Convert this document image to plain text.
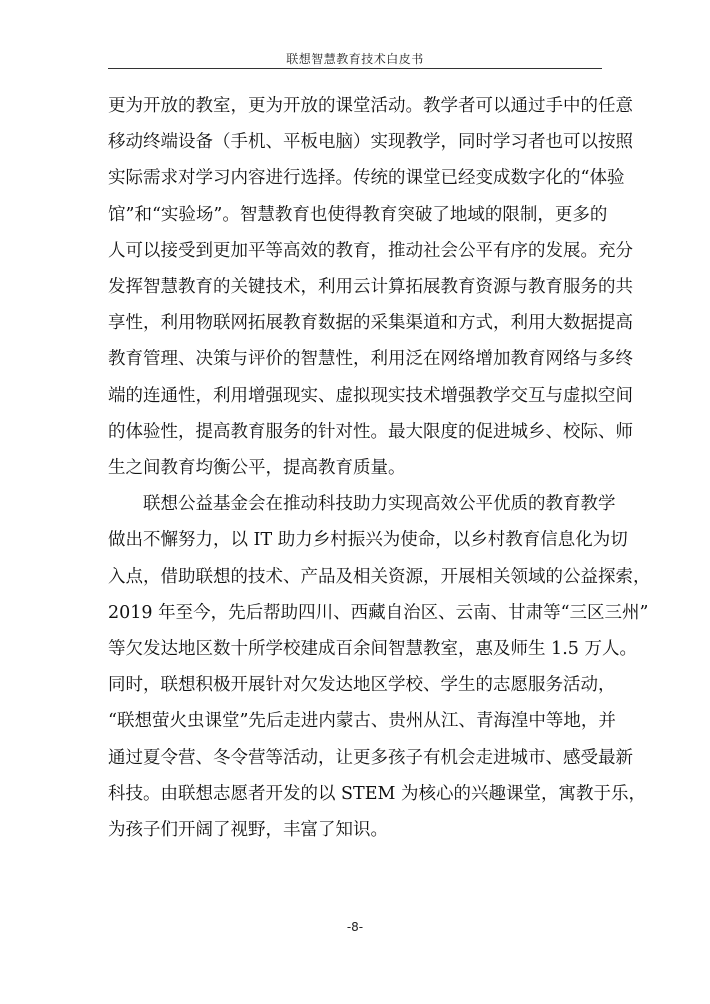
联想智慧教育技术白皮书

更为开放的教室，更为开放的课堂活动。教学者可以通过手中的任意
移动终端设备（手机、平板电脑）实现教学，同时学习者也可以按照
实际需求对学习内容进行选择。传统的课堂已经变成数字化的“体验
馆”和“实验场”。智慧教育也使得教育突破了地域的限制，更多的
人可以接受到更加平等高效的教育，推动社会公平有序的发展。充分
发挥智慧教育的关键技术，利用云计算拓展教育资源与教育服务的共
享性，利用物联网拓展教育数据的采集渠道和方式，利用大数据提高
教育管理、决策与评价的智慧性，利用泛在网络增加教育网络与多终
端的连通性，利用增强现实、虚拟现实技术增强教学交互与虚拟空间
的体验性，提高教育服务的针对性。最大限度的促进城乡、校际、师
生之间教育均衡公平，提高教育质量。

联想公益基金会在推动科技助力实现高效公平优质的教育教学
做出不懈努力，以 IT 助力乡村振兴为使命，以乡村教育信息化为切
入点，借助联想的技术、产品及相关资源，开展相关领域的公益探索，
2019 年至今，先后帮助四川、西藏自治区、云南、甘肃等“三区三州”
等欠发达地区数十所学校建成百余间智慧教室，惠及师生 1.5 万人。
同时，联想积极开展针对欠发达地区学校、学生的志愿服务活动，
“联想萤火虫课堂”先后走进内蒙古、贵州从江、青海湟中等地，并
通过夏令营、冬令营等活动，让更多孩子有机会走进城市、感受最新
科技。由联想志愿者开发的以 STEM 为核心的兴趣课堂，寓教于乐，
为孩子们开阔了视野，丰富了知识。

-8-
